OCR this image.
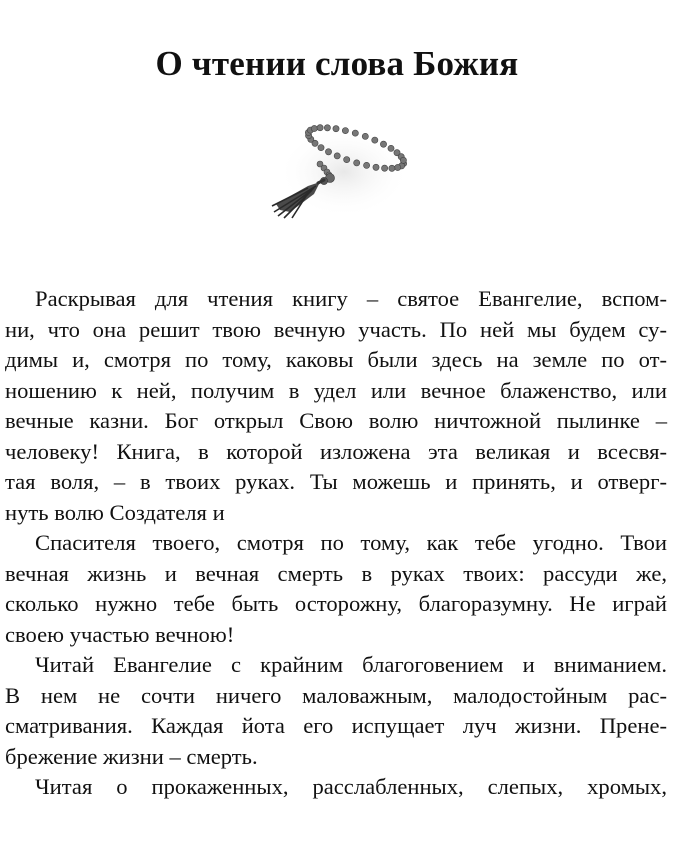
О чтении слова Божия
Раскрывая для чтения книгу – святое Евангелие, вспом-
ни, что она решит твою вечную участь. По ней мы будем су-
димы и, смотря по тому, каковы были здесь на земле по от-
ношению к ней, получим в удел или вечное блаженство, или
вечные казни. Бог открыл Свою волю ничтожной пылинке –
человеку! Книга, в которой изложена эта великая и всесвя-
тая воля, – в твоих руках. Ты можешь и принять, и отверг-
нуть волю Создателя и
Спасителя твоего, смотря по тому, как тебе угодно. Твои
вечная жизнь и вечная смерть в руках твоих: рассуди же,
сколько нужно тебе быть осторожну, благоразумну. Не играй
своею участью вечною!
Читай Евангелие с крайним благоговением и вниманием.
В нем не сочти ничего маловажным, малодостойным рас-
сматривания. Каждая йота его испущает луч жизни. Прене-
брежение жизни – смерть.
Читая о прокаженных, расслабленных, слепых, хромых,
